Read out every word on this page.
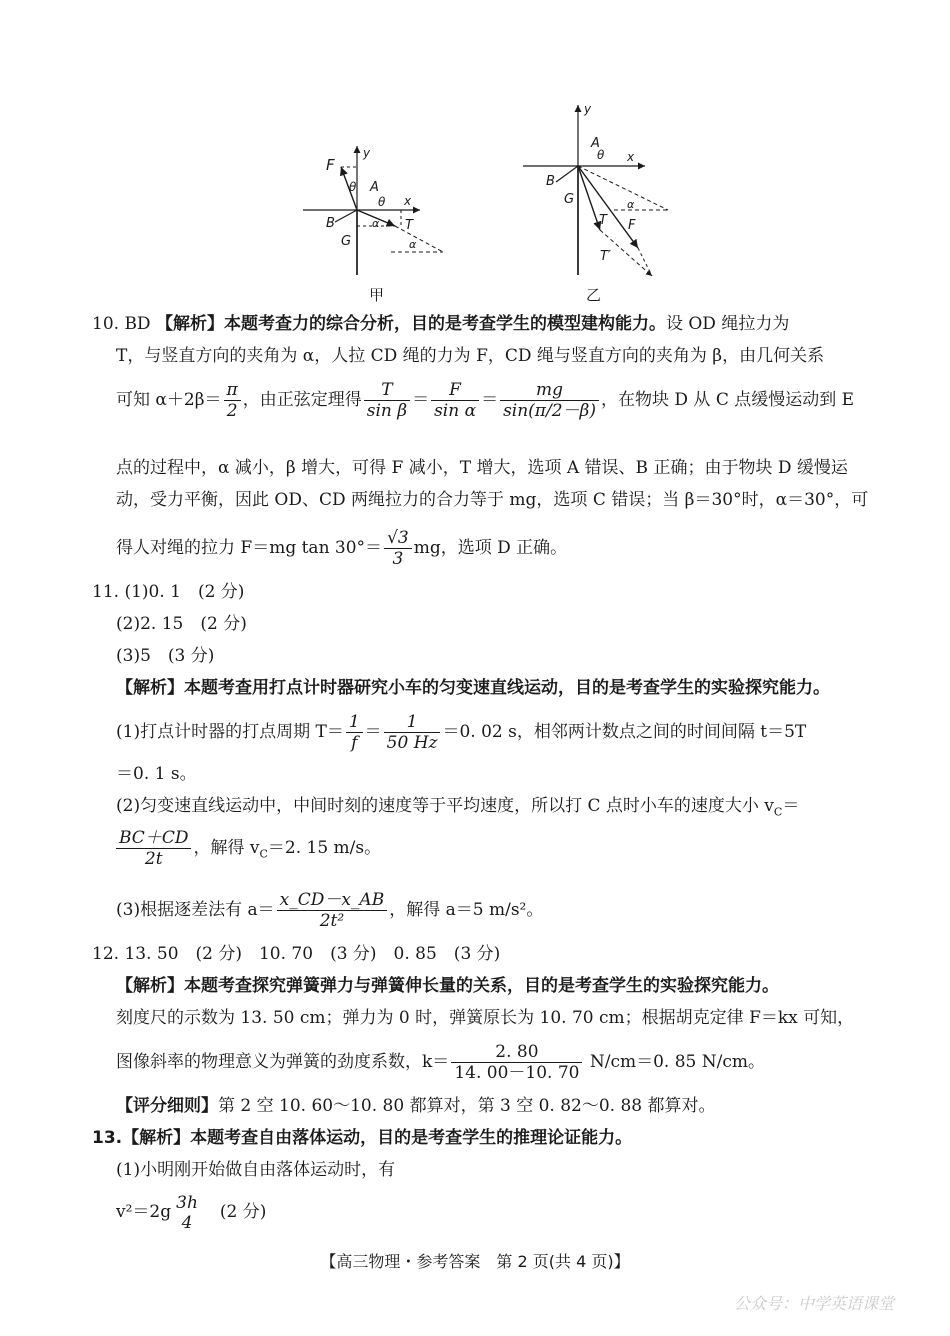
F
y
θ A
θ x
B	α T
G	α
甲
y
A
θ x
B
G	α
T F
T′
乙
10. BD 【解析】本题考查力的综合分析，目的是考查学生的模型建构能力。设 OD 绳拉力为
T，与竖直方向的夹角为 α，人拉 CD 绳的力为 F，CD 绳与竖直方向的夹角为 β，由几何关系
可知 $\alpha+2\beta= \frac{\pi}{2}$ ，由正弦定理得 $\frac{T}{\text{sin β}} = \frac{F}{\text{sin α}} = \frac{mg}{\sin(\pi/2-\beta)}$ ，在物块 D 从 C 点缓慢运动到 E
点的过程中，α 减小，β 增大，可得 F 减小，T 增大，选项 A 错误、B 正确；由于物块 D 缓慢运
动，受力平衡，因此 OD、CD 两绳拉力的合力等于 mg，选项 C 错误；当 β＝30°时，α＝30°，可
得人对绳的拉力 F＝mg $\tan 30^\circ= \frac{√3}{3}$ mg，选项 D 正确。
11. (1)0. 1　(2 分)
(2)2. 15　(2 分)
(3)5　(3 分)
【解析】本题考查用打点计时器研究小车的匀变速直线运动，目的是考查学生的实验探究能力。
(1)打点计时器的打点周期 $T= \frac{1}{f} = \frac{1}{50 Hz} =0$. 02 s，相邻两计数点之间的时间间隔 t＝5T
＝0. 1 s。
(2)匀变速直线运动中，中间时刻的速度等于平均速度，所以打 C 点时小车的速度大小 $v_C=$
$\frac{BC+CD}{2t}$ ，解得 $v_C=2$. 15 m/s。
(3)根据逐差法有 $a= \frac{x\_CD-x\_AB}{\text{2t²}}$ ，解得 a＝5 m/s²。
12. 13. 50　(2 分)　10. 70　(3 分)　0. 85　(3 分)
【解析】本题考查探究弹簧弹力与弹簧伸长量的关系，目的是考查学生的实验探究能力。
刻度尺的示数为 13. 50 cm；弹力为 0 时，弹簧原长为 10. 70 cm；根据胡克定律 F＝kx 可知，
图像斜率的物理意义为弹簧的劲度系数，$k= \frac{2. 80}{14. 00-10. 70} N/cm=0$. 85 N/cm。
【评分细则】第 2 空 10. 60～10. 80 都算对，第 3 空 0. 82～0. 88 都算对。
13.【解析】本题考查自由落体运动，目的是考查学生的推理论证能力。
(1)小明刚开始做自由落体运动时，有
v²＝2g 3h
4
　(2 分)
【高三物理・参考答案　第 2 页(共 4 页)】
公众号：中学英语课堂
